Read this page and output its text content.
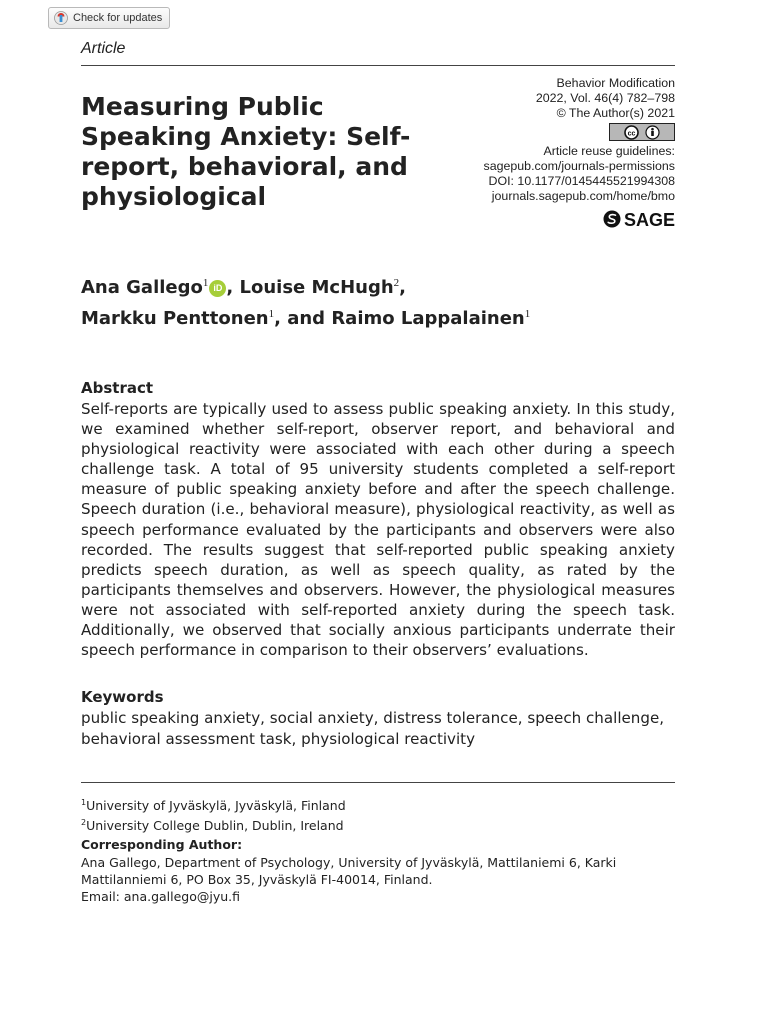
Check for updates
Article
Measuring Public Speaking Anxiety: Self-report, behavioral, and physiological
Behavior Modification
2022, Vol. 46(4) 782–798
© The Author(s) 2021
cc
Article reuse guidelines:
sagepub.com/journals-permissions
DOI: 10.1177/0145445521994308
journals.sagepub.com/home/bmo
SAGE
Ana Gallego$^1$ iD , Louise McHugh$^2$,
Markku Penttonen$^1$, and Raimo Lappalainen$^1$
Abstract

Self-reports are typically used to assess public speaking anxiety. In this study, we examined whether self-report, observer report, and behavioral and physiological reactivity were associated with each other during a speech challenge task. A total of 95 university students completed a self-report measure of public speaking anxiety before and after the speech challenge. Speech duration (i.e., behavioral measure), physiological reactivity, as well as speech performance evaluated by the participants and observers were also recorded. The results suggest that self-reported public speaking anxiety predicts speech duration, as well as speech quality, as rated by the participants themselves and observers. However, the physiological measures were not associated with self-reported anxiety during the speech task. Additionally, we observed that socially anxious participants underrate their speech performance in comparison to their observers’ evaluations.

Keywords

public speaking anxiety, social anxiety, distress tolerance, speech challenge,
behavioral assessment task, physiological reactivity

$^1$University of Jyväskylä, Jyväskylä, Finland
$^2$University College Dublin, Dublin, Ireland
Corresponding Author:

Ana Gallego, Department of Psychology, University of Jyväskylä, Mattilaniemi 6, Karki
Mattilanniemi 6, PO Box 35, Jyväskylä FI-40014, Finland.
Email: ana.gallego@jyu.fi
